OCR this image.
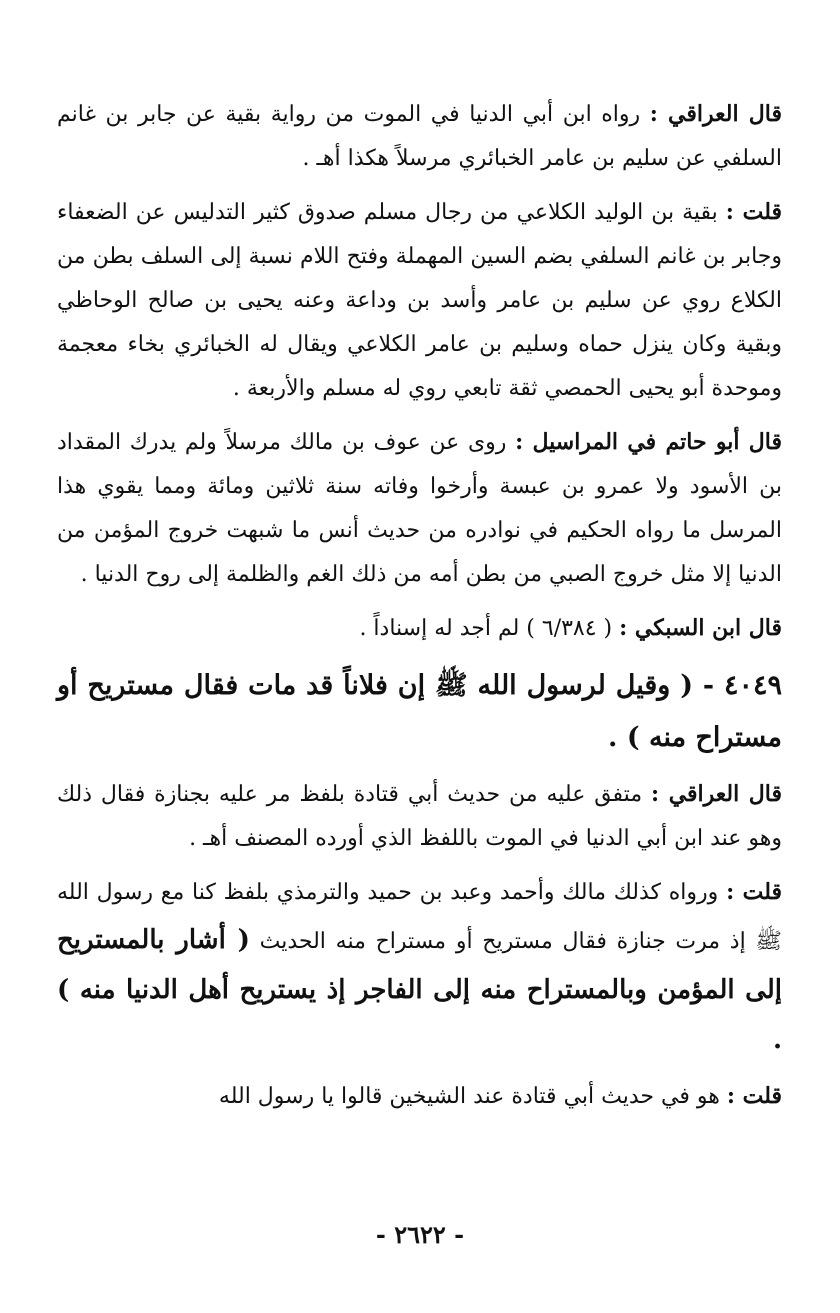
قال العراقي : رواه ابن أبي الدنيا في الموت من رواية بقية عن جابر بن غانم السلفي عن سليم بن عامر الخبائري مرسلاً هكذا أهـ .

قلت : بقية بن الوليد الكلاعي من رجال مسلم صدوق كثير التدليس عن الضعفاء وجابر بن غانم السلفي بضم السين المهملة وفتح اللام نسبة إلى السلف بطن من الكلاع روي عن سليم بن عامر وأسد بن وداعة وعنه يحيى بن صالح الوحاظي وبقية وكان ينزل حماه وسليم بن عامر الكلاعي ويقال له الخبائري بخاء معجمة وموحدة أبو يحيى الحمصي ثقة تابعي روي له مسلم والأربعة .

قال أبو حاتم في المراسيل : روى عن عوف بن مالك مرسلاً ولم يدرك المقداد بن الأسود ولا عمرو بن عبسة وأرخوا وفاته سنة ثلاثين ومائة ومما يقوي هذا المرسل ما رواه الحكيم في نوادره من حديث أنس ما شبهت خروج المؤمن من الدنيا إلا مثل خروج الصبي من بطن أمه من ذلك الغم والظلمة إلى روح الدنيا .

قال ابن السبكي : ( ٦/٣٨٤ ) لم أجد له إسناداً .

٤٠٤٩ - ( وقيل لرسول الله ﷺ إن فلاناً قد مات فقال مستريح أو مستراح منه ) .

قال العراقي : متفق عليه من حديث أبي قتادة بلفظ مر عليه بجنازة فقال ذلك وهو عند ابن أبي الدنيا في الموت باللفظ الذي أورده المصنف أهـ .

قلت : ورواه كذلك مالك وأحمد وعبد بن حميد والترمذي بلفظ كنا مع رسول الله ﷺ إذ مرت جنازة فقال مستريح أو مستراح منه الحديث ( أشار بالمستريح إلى المؤمن وبالمستراح منه إلى الفاجر إذ يستريح أهل الدنيا منه ) .

قلت : هو في حديث أبي قتادة عند الشيخين قالوا يا رسول الله

- ٢٦٢٢ -
